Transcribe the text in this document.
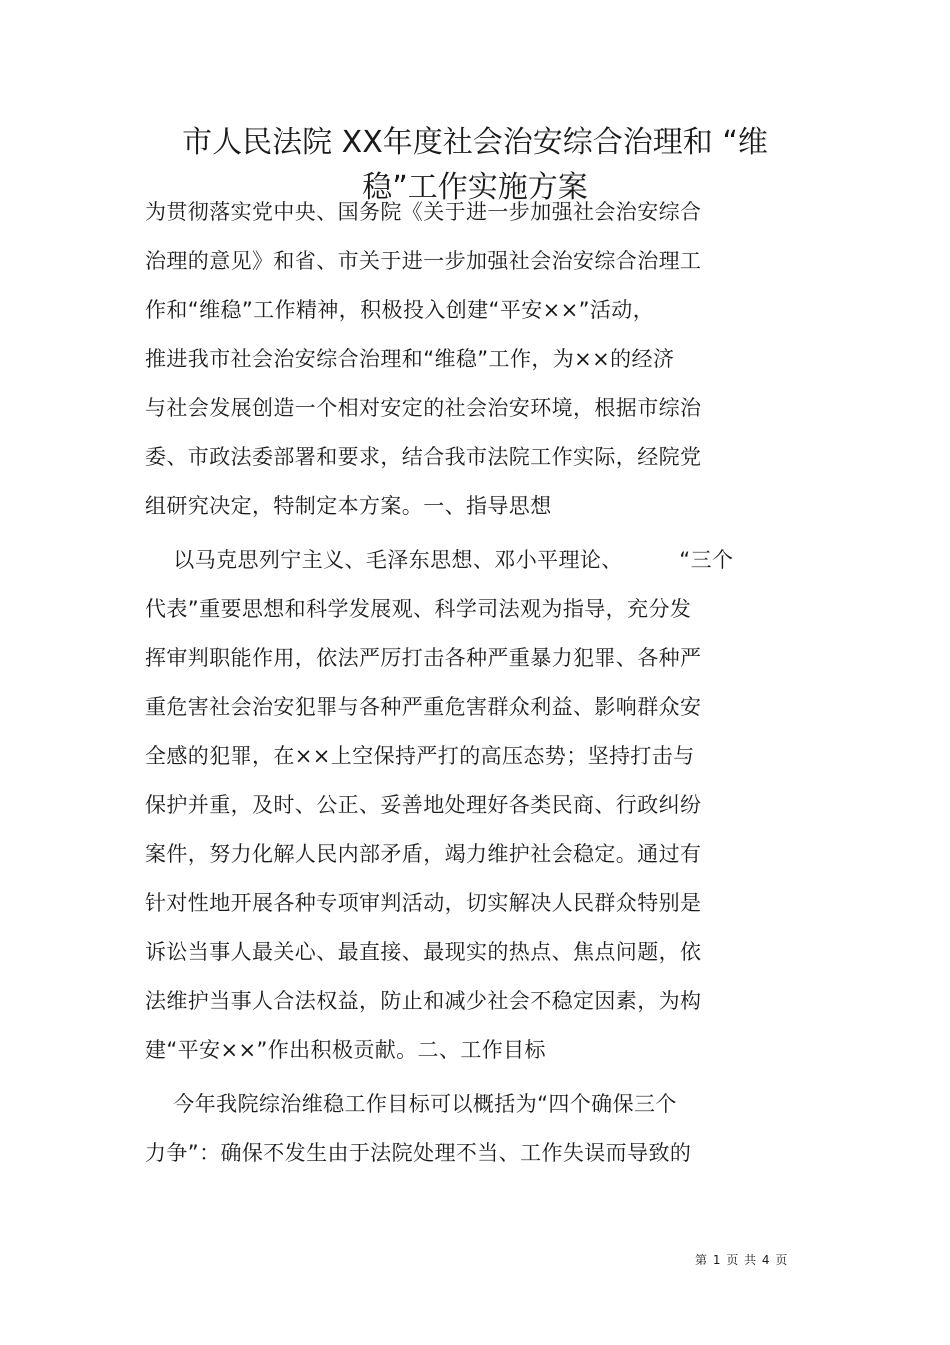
市人民法院 XX年度社会治安综合治理和 “维
稳”工作实施方案
为贯彻落实党中央、国务院《关于进一步加强社会治安综合
治理的意见》和省、市关于进一步加强社会治安综合治理工
作和“维稳”工作精神，积极投入创建“平安××”活动，
推进我市社会治安综合治理和“维稳”工作，为××的经济
与社会发展创造一个相对安定的社会治安环境，根据市综治
委、市政法委部署和要求，结合我市法院工作实际，经院党
组研究决定，特制定本方案。一、指导思想
以马克思列宁主义、毛泽东思想、邓小平理论、        “三个
代表”重要思想和科学发展观、科学司法观为指导，充分发
挥审判职能作用，依法严厉打击各种严重暴力犯罪、各种严
重危害社会治安犯罪与各种严重危害群众利益、影响群众安
全感的犯罪，在××上空保持严打的高压态势；坚持打击与
保护并重，及时、公正、妥善地处理好各类民商、行政纠纷
案件，努力化解人民内部矛盾，竭力维护社会稳定。通过有
针对性地开展各种专项审判活动，切实解决人民群众特别是
诉讼当事人最关心、最直接、最现实的热点、焦点问题，依
法维护当事人合法权益，防止和减少社会不稳定因素，为构
建“平安××”作出积极贡献。二、工作目标
今年我院综治维稳工作目标可以概括为“四个确保三个
力争”：确保不发生由于法院处理不当、工作失误而导致的
第 1 页 共 4 页
